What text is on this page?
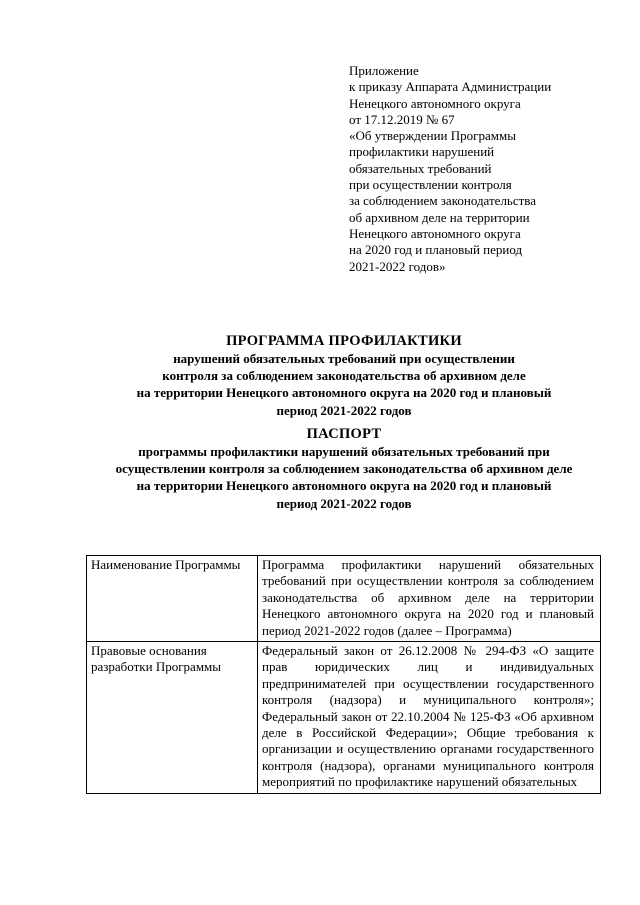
Приложение
к приказу Аппарата Администрации
Ненецкого автономного округа
от 17.12.2019 № 67
«Об утверждении Программы
профилактики нарушений
обязательных требований
при осуществлении контроля
за соблюдением законодательства
об архивном деле на территории
Ненецкого автономного округа
на 2020 год и плановый период
2021-2022 годов»
ПРОГРАММА ПРОФИЛАКТИКИ
нарушений обязательных требований при осуществлении
контроля за соблюдением законодательства об архивном деле
на территории Ненецкого автономного округа на 2020 год и плановый
период 2021-2022 годов
ПАСПОРТ
программы профилактики нарушений обязательных требований при
осуществлении контроля за соблюдением законодательства об архивном деле
на территории Ненецкого автономного округа на 2020 год и плановый
период 2021-2022 годов
Наименование Программы	Программа профилактики нарушений обязательных требований при осуществлении контроля за соблюдением законодательства об архивном деле на территории Ненецкого автономного округа на 2020 год и плановый период 2021-2022 годов (далее – Программа)
Правовые основания разработки Программы	Федеральный закон от 26.12.2008 № 294-ФЗ «О защите прав юридических лиц и индивидуальных предпринимателей при осуществлении государственного контроля (надзора) и муниципального контроля»; Федеральный закон от 22.10.2004 № 125-ФЗ «Об архивном деле в Российской Федерации»; Общие требования к организации и осуществлению органами государственного контроля (надзора), органами муниципального контроля мероприятий по профилактике нарушений обязательных
